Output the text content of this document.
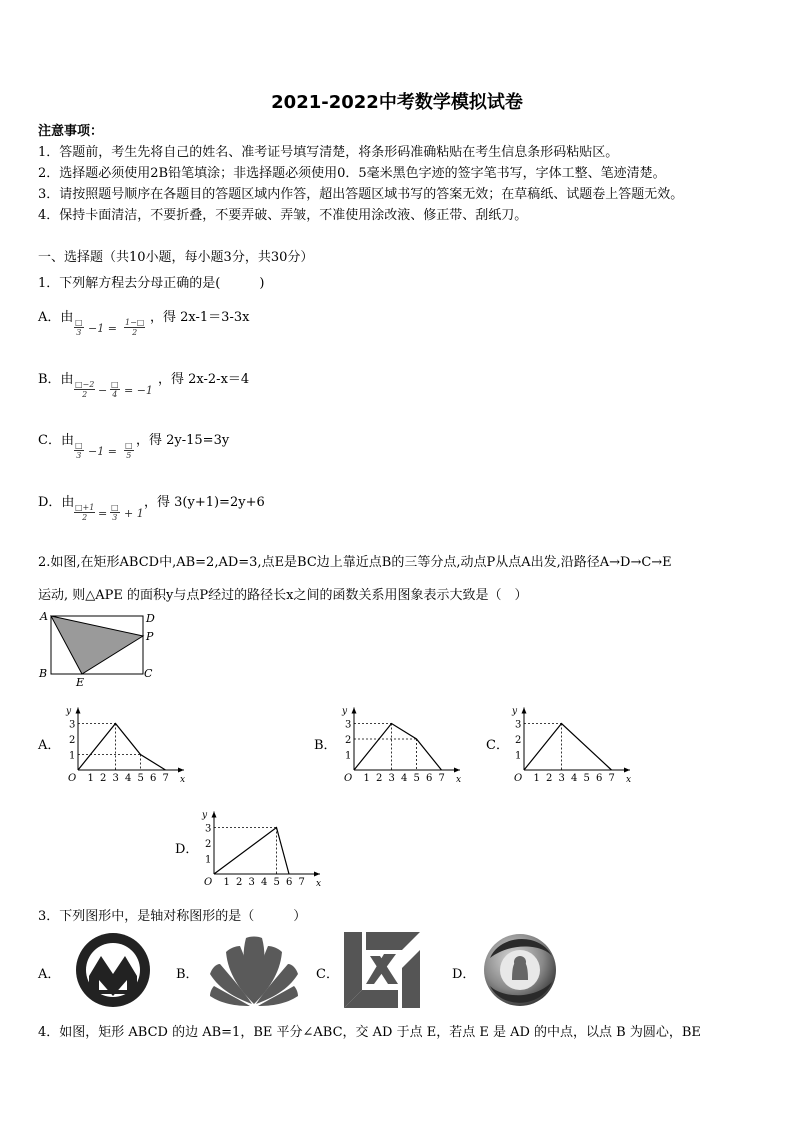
2021-2022中考数学模拟试卷
注意事项：
1．答题前，考生先将自己的姓名、准考证号填写清楚，将条形码准确粘贴在考生信息条形码粘贴区。
2．选择题必须使用2B铅笔填涂；非选择题必须使用0．5毫米黑色字迹的签字笔书写，字体工整、笔迹清楚。
3．请按照题号顺序在各题目的答题区域内作答，超出答题区域书写的答案无效；在草稿纸、试题卷上答题无效。
4．保持卡面清洁，不要折叠，不要弄破、弄皱，不准使用涂改液、修正带、刮纸刀。
一、选择题（共10小题，每小题3分，共30分）
1．下列解方程去分母正确的是(　　　)
A．由 □
$3 -1 = \frac{1-□}{2}$
，得 2x-1＝3-3x
B．由
$\frac{□-2}{2}$ − □
4 = −1
，得 2x-2-x＝4
C．由 □
3 −1 = □
5
，得 2y-15=3y
D．由
$\frac{□+1}{2}$ = □
3 + 1
，得 3(y+1)=2y+6
2.如图,在矩形ABCD中,AB=2,AD=3,点E是BC边上靠近点B的三等分点,动点P从点A出发,沿路径A→D→C→E
运动, 则△APE 的面积y与点P经过的路径长x之间的函数关系用图象表示大致是（　）
A	D
P
B	C
E
A．
x
y
O 1 2 3 4 5 6 7
1
2
3
B．
x
y
O 1 2 3 4 5 6 7
1
2
3
C．
x
y
O 1 2 3 4 5 6 7
1
2
3
D．
x
y
O 1 2 3 4 5 6 7
1
2
3
3．下列图形中，是轴对称图形的是（　　　）
A．	B．	C．	D．
4．如图，矩形 ABCD 的边 AB=1，BE 平分∠ABC，交 AD 于点 E，若点 E 是 AD 的中点，以点 B 为圆心，BE
